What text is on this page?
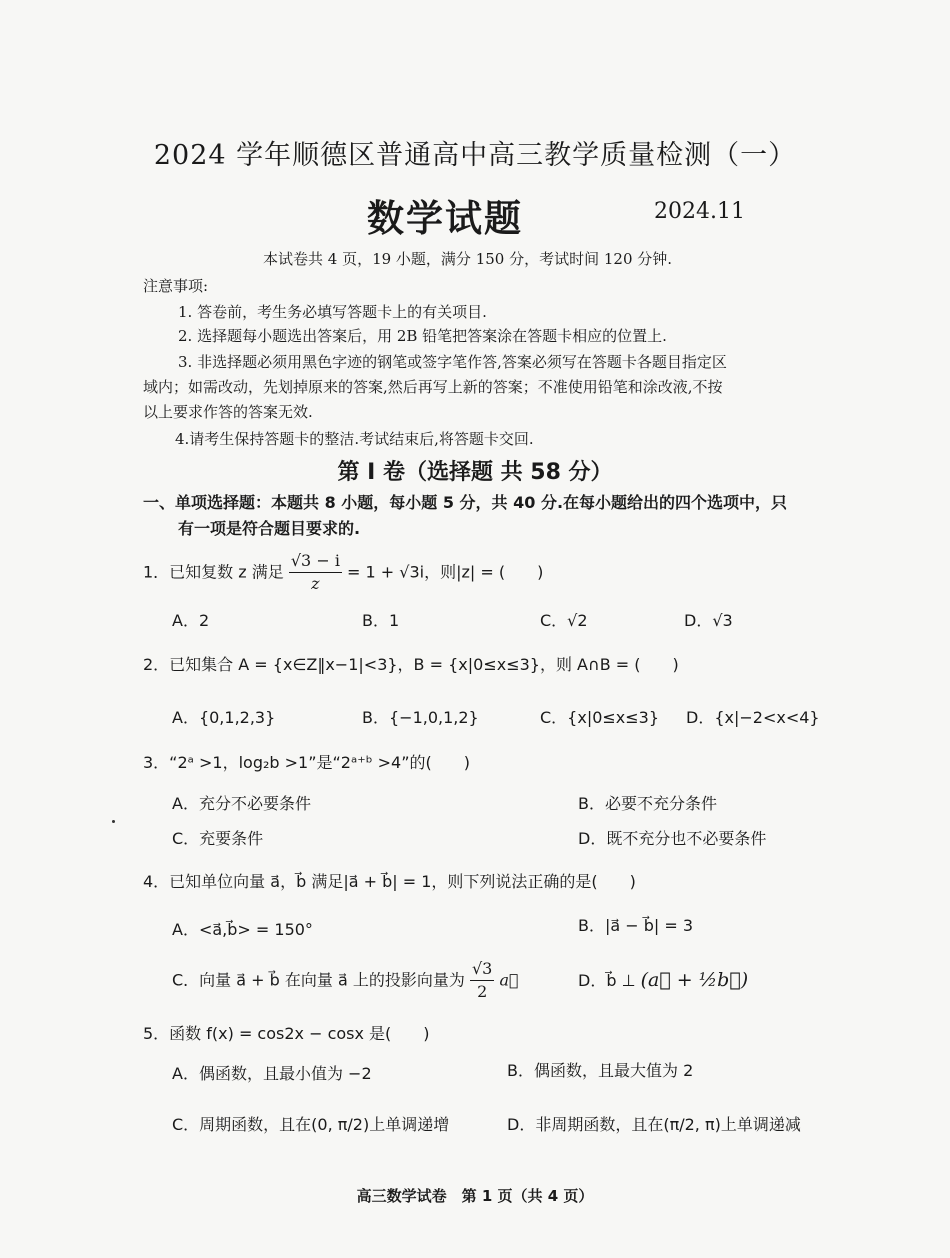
2024 学年顺德区普通高中高三教学质量检测（一）
数学试题	2024.11
本试卷共 4 页，19 小题，满分 150 分，考试时间 120 分钟.
注意事项:
1. 答卷前，考生务必填写答题卡上的有关项目.
2. 选择题每小题选出答案后，用 2B 铅笔把答案涂在答题卡相应的位置上.
3. 非选择题必须用黑色字迹的钢笔或签字笔作答,答案必须写在答题卡各题目指定区
域内；如需改动，先划掉原来的答案,然后再写上新的答案；不准使用铅笔和涂改液,不按
以上要求作答的答案无效.
4.请考生保持答题卡的整洁.考试结束后,将答题卡交回.
第 I 卷（选择题 共 58 分）
一、单项选择题：本题共 8 小题，每小题 5 分，共 40 分.在每小题给出的四个选项中，只
有一项是符合题目要求的.
1．已知复数 z 满足 $\frac{√3 - i}{z} = 1 + √3i$，则|z| = (　　)
A．2	B．1	C．√2	D．√3
2．已知集合 A = {x∈Z‖x−1|<3}，B = {x|0≤x≤3}，则 A∩B = (　　)
A．{0,1,2,3}	B．{−1,0,1,2}	C．{x|0≤x≤3} D．{x|−2<x<4}
3．“2ᵃ >1，log₂b >1”是“2ᵃ⁺ᵇ >4”的(　　)
A．充分不必要条件	B．必要不充分条件
C．充要条件	D．既不充分也不必要条件
4．已知单位向量 a⃗，b⃗ 满足|a⃗ + b⃗| = 1，则下列说法正确的是(　　)
A．<a⃗,b⃗> = 150°	B．|a⃗ − b⃗| = 3
C．向量 a⃗ + b⃗ 在向量 a⃗ 上的投影向量为 $\frac{√3}{2}$ a⃗	D．b⃗ ⊥ (a⃗ + ½b⃗)
5．函数 f(x) = cos2x − cosx 是(　　)
A．偶函数，且最小值为 −2	B．偶函数，且最大值为 2
C．周期函数，且在(0, π/2)上单调递增	D．非周期函数，且在(π/2, π)上单调递减
高三数学试卷　第 1 页（共 4 页）
